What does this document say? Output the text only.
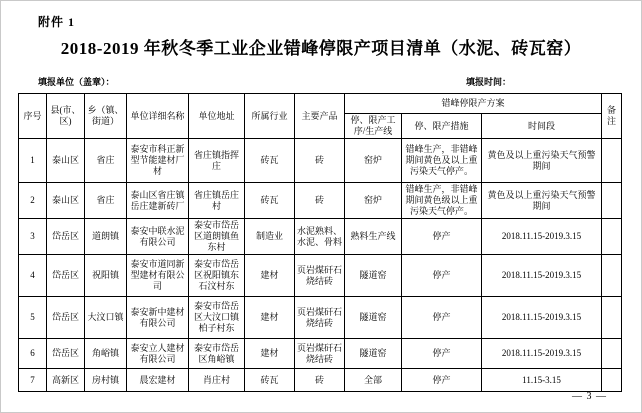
附件 1
2018-2019 年秋冬季工业企业错峰停限产项目清单（水泥、砖瓦窑）
填报单位（盖章）：	填报时间：
序号	县(市、区)	乡（镇、街道）	单位详细名称	单位地址	所属行业	主要产品	错峰停限产方案			备注
							停、限产工序/生产线	停、限产措施	时间段	
1	泰山区	省庄	泰安市科正新型节能建材厂材	省庄镇指挥庄	砖瓦	砖	窑炉	错峰生产，非错峰期间黄色及以上重污染天气停产。	黄色及以上重污染天气预警期间	
2	泰山区	省庄	泰山区省庄镇岳庄建新砖厂	省庄镇岳庄村	砖瓦	砖	窑炉	错峰生产，非错峰期间黄色级以上重污染天气停产。	黄色及以上重污染天气预警期间	
3	岱岳区	道朗镇	泰安中联水泥有限公司	泰安市岱岳区道朗镇鱼东村	制造业	水泥熟料、水泥、骨料	熟料生产线	停产	2018.11.15-2019.3.15	
4	岱岳区	祝阳镇	泰安市道同新型建材有限公司	泰安市岱岳区祝阳镇东石汶村东	建材	页岩煤矸石烧结砖	隧道窑	停产	2018.11.15-2019.3.15	
5	岱岳区	大汶口镇	泰安新中建材有限公司	泰安市岱岳区大汶口镇柏子村东	建材	页岩煤矸石烧结砖	隧道窑	停产	2018.11.15-2019.3.15	
6	岱岳区	角峪镇	泰安立人建材有限公司	泰安市岱岳区角峪镇	建材	页岩煤矸石烧结砖	隧道窑	停产	2018.11.15-2019.3.15	
7	高新区	房村镇	晨宏建材	肖庄村	砖瓦	砖	全部	停产	11.15-3.15	
— 3 —
